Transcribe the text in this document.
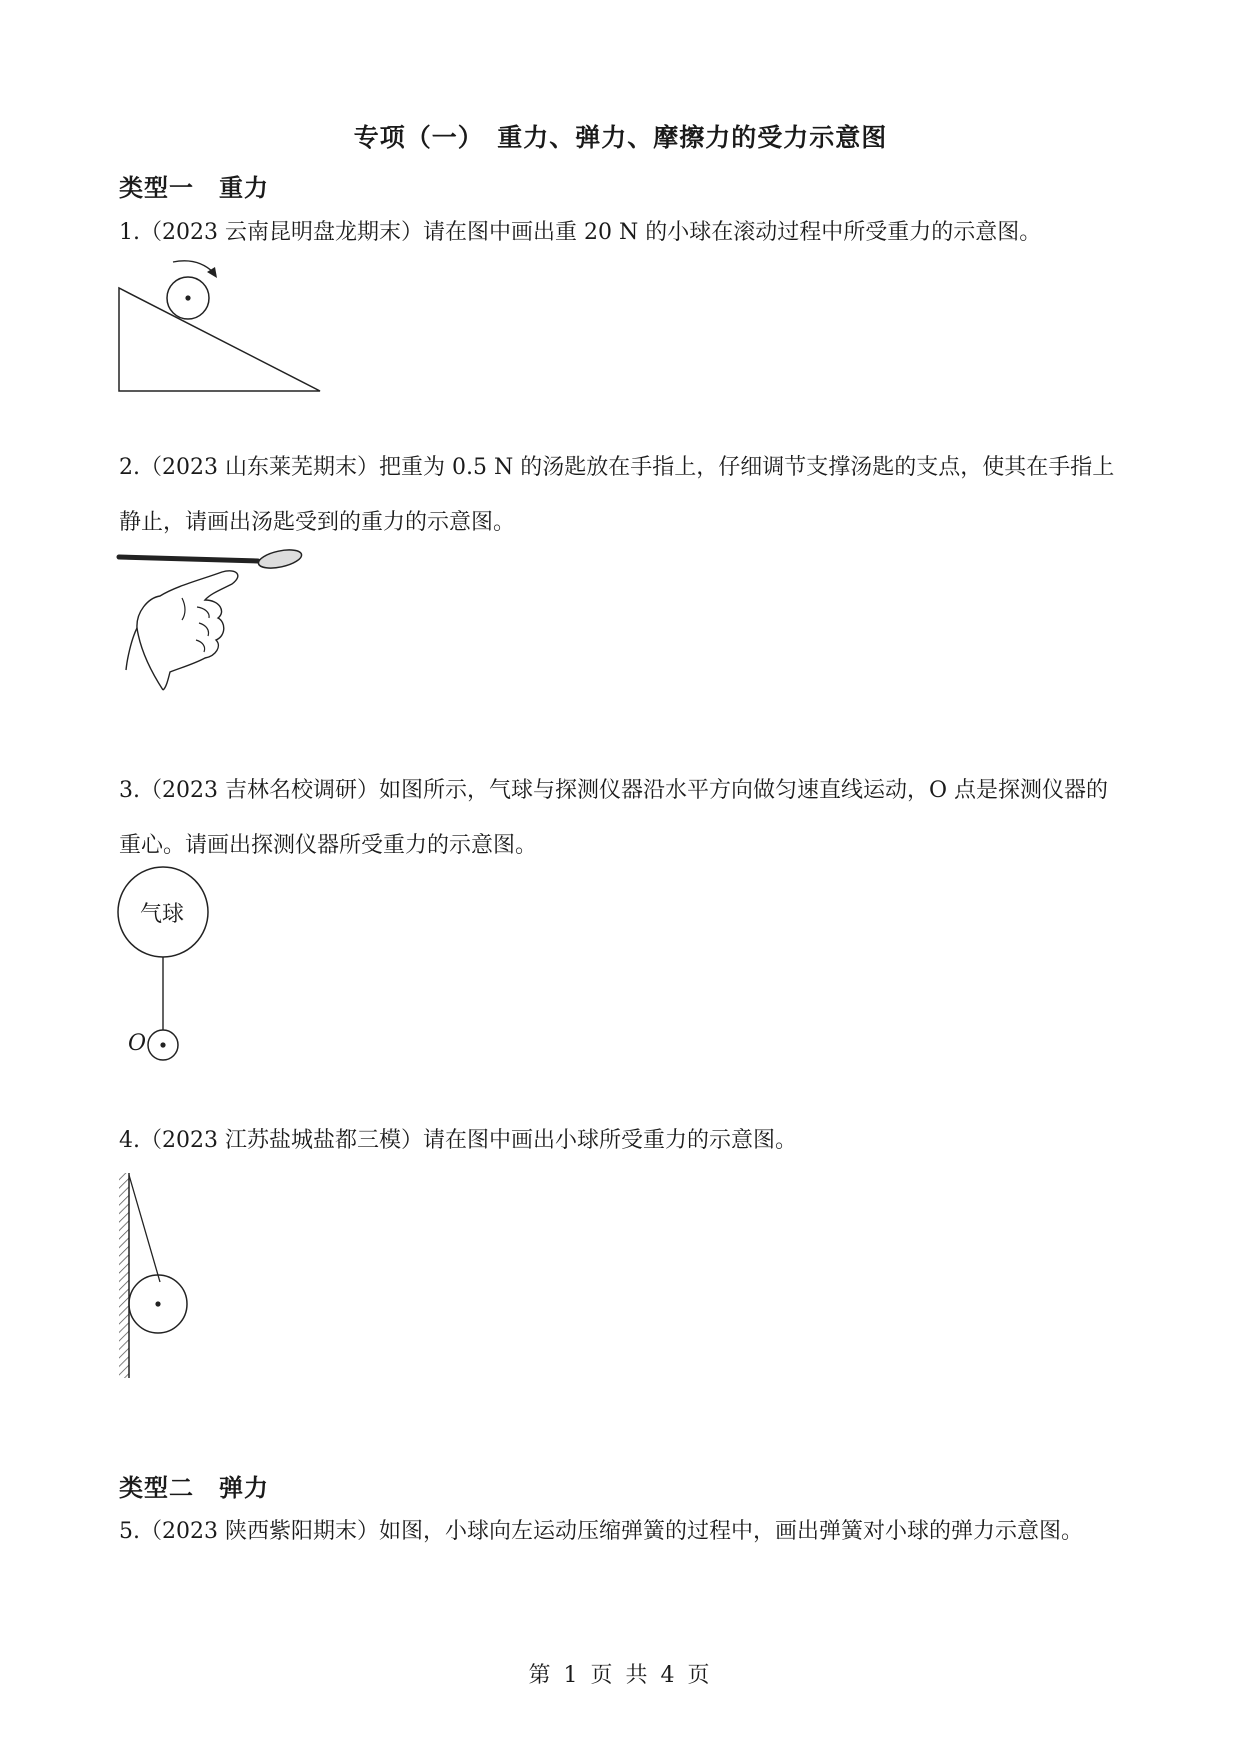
专项（一）　重力、弹力、摩擦力的受力示意图
类型一　重力
1.（2023 云南昆明盘龙期末）请在图中画出重 20 N 的小球在滚动过程中所受重力的示意图。
2.（2023 山东莱芜期末）把重为 0.5 N 的汤匙放在手指上，仔细调节支撑汤匙的支点，使其在手指上静止，请画出汤匙受到的重力的示意图。
3.（2023 吉林名校调研）如图所示，气球与探测仪器沿水平方向做匀速直线运动，O 点是探测仪器的重心。请画出探测仪器所受重力的示意图。
气球
O
4.（2023 江苏盐城盐都三模）请在图中画出小球所受重力的示意图。
类型二　弹力
5.（2023 陕西紫阳期末）如图，小球向左运动压缩弹簧的过程中，画出弹簧对小球的弹力示意图。
第 1 页 共 4 页
